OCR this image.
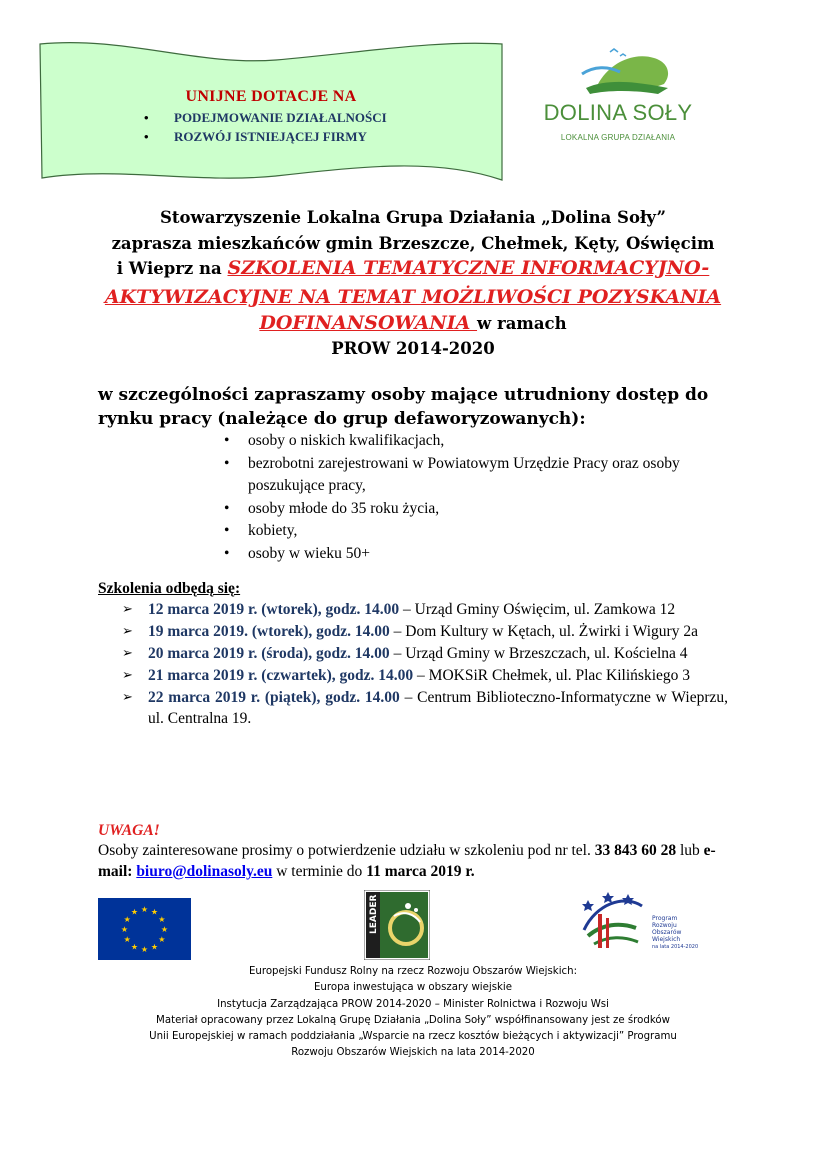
UNIJNE DOTACJE NA
• PODEJMOWANIE DZIAŁALNOŚCI
• ROZWÓJ ISTNIEJĄCEJ FIRMY
DOLINA SOŁY
LOKALNA GRUPA DZIAŁANIA
Stowarzyszenie Lokalna Grupa Działania „Dolina Soły”
zaprasza mieszkańców gmin Brzeszcze, Chełmek, Kęty, Oświęcim
i Wieprz na SZKOLENIA TEMATYCZNE INFORMACYJNO-
AKTYWIZACYJNE NA TEMAT MOŻLIWOŚCI POZYSKANIA
DOFINANSOWANIA w ramach
PROW 2014-2020
w szczególności zapraszamy osoby mające utrudniony dostęp do
rynku pracy (należące do grup defaworyzowanych):
• osoby o niskich kwalifikacjach,
• bezrobotni zarejestrowani w Powiatowym Urzędzie Pracy oraz osoby poszukujące pracy,
• osoby młode do 35 roku życia,
• kobiety,
• osoby w wieku 50+
Szkolenia odbędą się:
➢ 12 marca 2019 r. (wtorek), godz. 14.00 – Urząd Gminy Oświęcim, ul. Zamkowa 12
➢ 19 marca 2019. (wtorek), godz. 14.00 – Dom Kultury w Kętach, ul. Żwirki i Wigury 2a
➢ 20 marca 2019 r. (środa), godz. 14.00 – Urząd Gminy w Brzeszczach, ul. Kościelna 4
➢ 21 marca 2019 r. (czwartek), godz. 14.00 – MOKSiR Chełmek, ul. Plac Kilińskiego 3
➢ 22 marca 2019 r. (piątek), godz. 14.00 – Centrum Biblioteczno-Informatyczne w Wieprzu, ul. Centralna 19.
UWAGA!
Osoby zainteresowane prosimy o potwierdzenie udziału w szkoleniu pod nr tel. 33 843 60 28 lub e-mail: biuro@dolinasoly.eu w terminie do 11 marca 2019 r.
★ ★
★
★
★
★
★
★
★
★
★
★	LEADER	Program
Rozwoju
Obszarów
Wiejskich
na lata 2014-2020
Europejski Fundusz Rolny na rzecz Rozwoju Obszarów Wiejskich:
Europa inwestująca w obszary wiejskie
Instytucja Zarządzająca PROW 2014-2020 – Minister Rolnictwa i Rozwoju Wsi
Materiał opracowany przez Lokalną Grupę Działania „Dolina Soły” współfinansowany jest ze środków
Unii Europejskiej w ramach poddziałania „Wsparcie na rzecz kosztów bieżących i aktywizacji” Programu
Rozwoju Obszarów Wiejskich na lata 2014-2020
